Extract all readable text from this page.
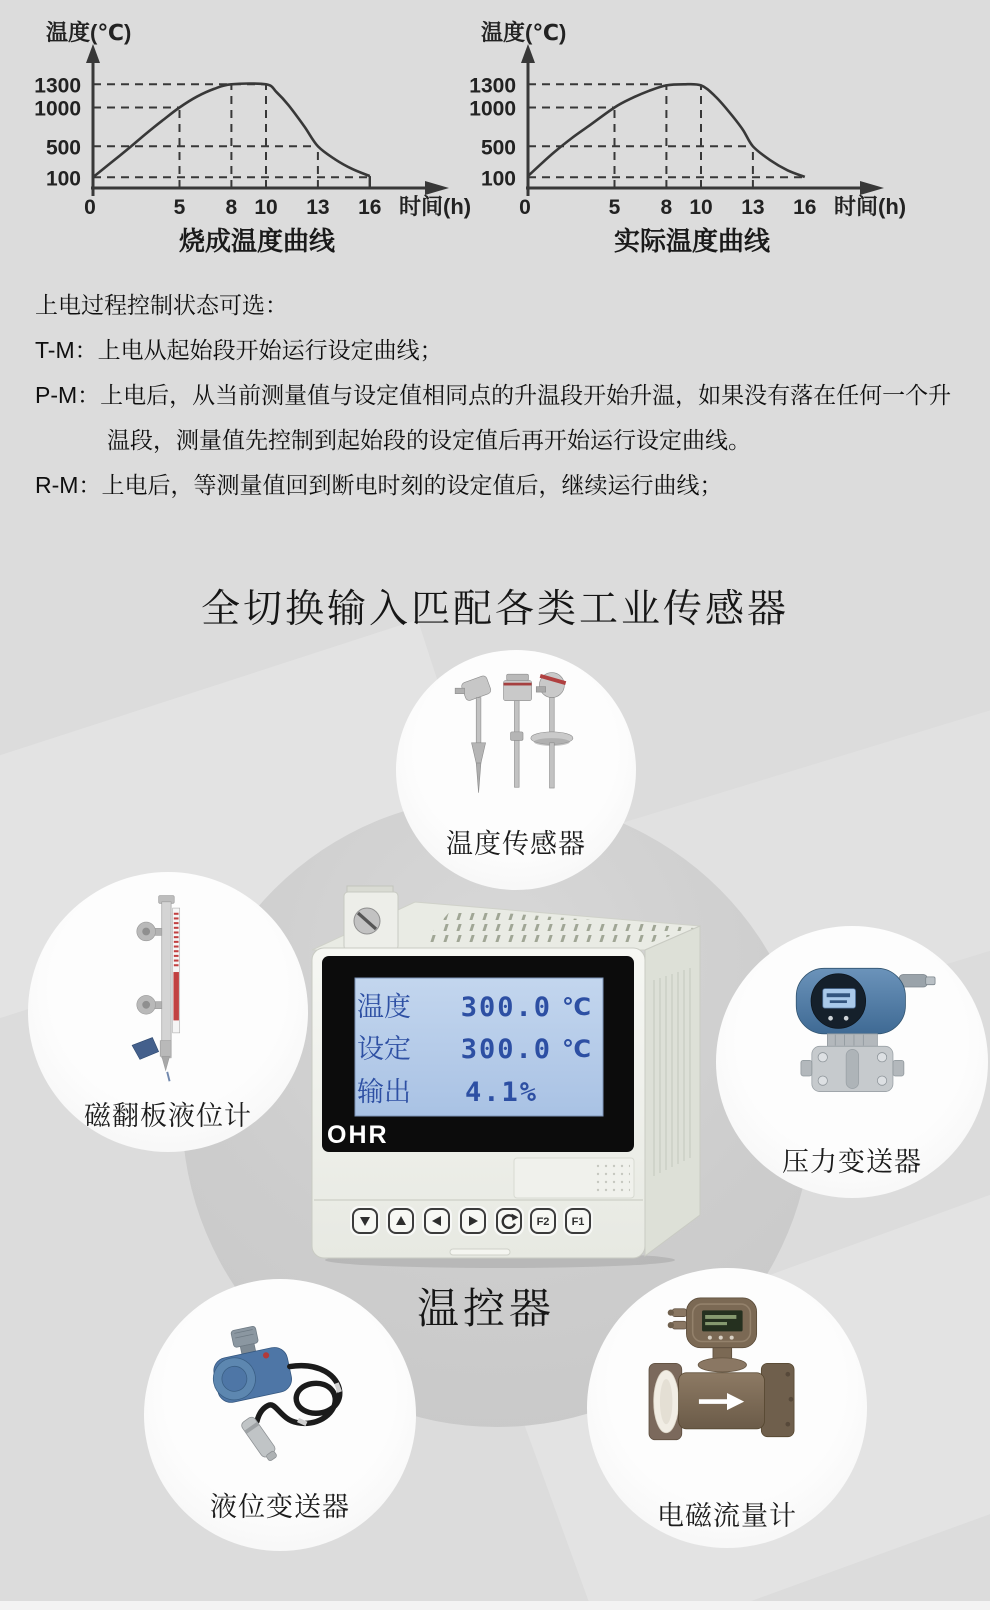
1300
1000
500
100
0	5 8 10 13 16
温度(℃)
时间(h)
烧成温度曲线
1300
1000
500
100
0	5 8 10 13 16
温度(℃)
时间(h)
实际温度曲线
上电过程控制状态可选：
T-M：上电从起始段开始运行设定曲线；
P-M：上电后，从当前测量值与设定值相同点的升温段开始升温，如果没有落在任何一个升温段，测量值先控制到起始段的设定值后再开始运行设定曲线。
R-M：上电后，等测量值回到断电时刻的设定值后，继续运行曲线；
全切换输入匹配各类工业传感器
温度传感器
磁翻板液位计
压力变送器
液位变送器	电磁流量计
温度 300.0 ℃
设定 300.0 ℃
输出 4.1%
OHR
F2 F1
温控器
